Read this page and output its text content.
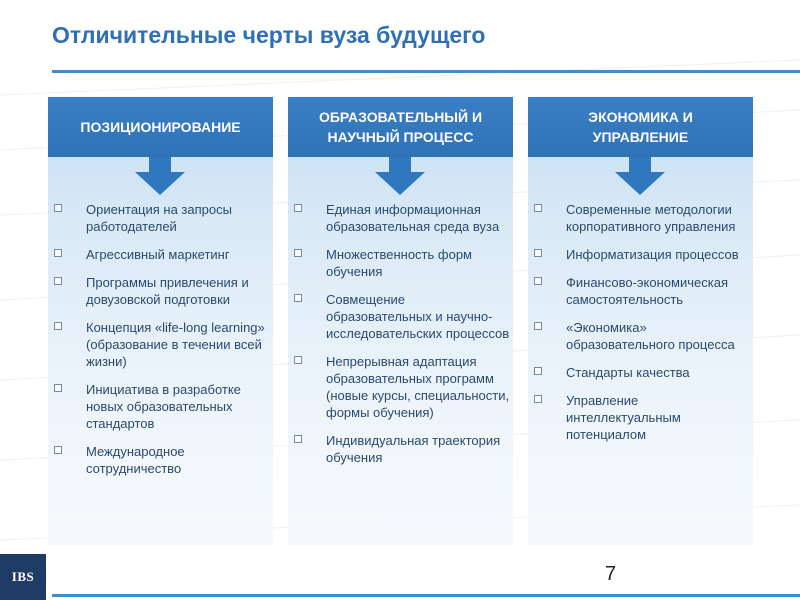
Отличительные черты вуза будущего
ПОЗИЦИОНИРОВАНИЕ
Ориентация на запросы работодателей
Агрессивный маркетинг
Программы привлечения и довузовской подготовки
Концепция «life-long learning» (образование в течении всей жизни)
Инициатива в разработке новых образовательных стандартов
Международное сотрудничество
ОБРАЗОВАТЕЛЬНЫЙ И
НАУЧНЫЙ ПРОЦЕСС
Единая информационная образовательная среда вуза
Множественность форм обучения
Совмещение образовательных и научно-исследовательских процессов
Непрерывная адаптация образовательных программ (новые курсы, специальности, формы обучения)
Индивидуальная траектория обучения
ЭКОНОМИКА И
УПРАВЛЕНИЕ
Современные методологии корпоративного управления
Информатизация процессов
Финансово-экономическая самостоятельность
«Экономика» образовательного процесса
Стандарты качества
Управление интеллектуальным потенциалом
IBS	7
